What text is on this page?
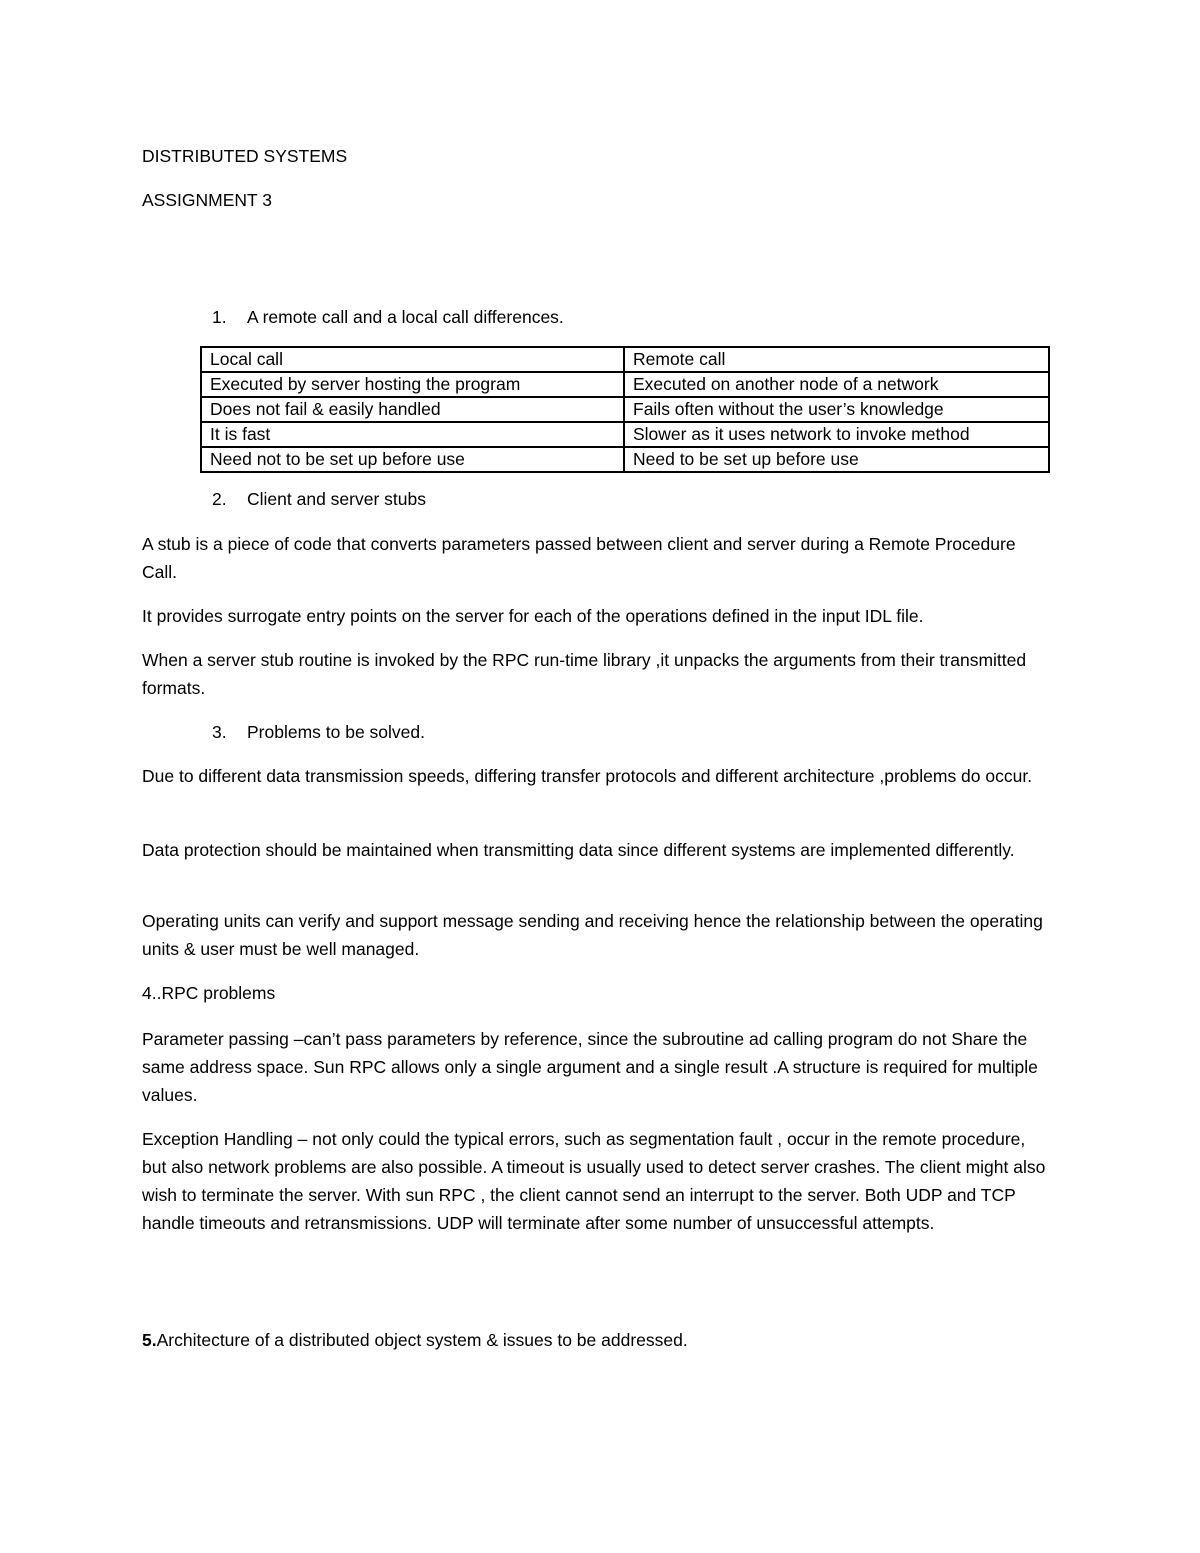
DISTRIBUTED SYSTEMS
ASSIGNMENT 3
1. A remote call and a local call differences.
Local call	Remote call
Executed by server hosting the program	Executed on another node of a network
Does not fail & easily handled	Fails often without the user’s knowledge
It is fast	Slower as it uses network to invoke method
Need not to be set up before use	Need to be set up before use
2. Client and server stubs
A stub is a piece of code that converts parameters passed between client and server during a Remote Procedure Call.
It provides surrogate entry points on the server for each of the operations defined in the input IDL file.
When a server stub routine is invoked by the RPC run-time library ,it unpacks the arguments from their transmitted formats.
3. Problems to be solved.
Due to different data transmission speeds, differing transfer protocols and different architecture ,problems do occur.
Data protection should be maintained when transmitting data since different systems are implemented differently.
Operating units can verify and support message sending and receiving hence the relationship between the operating units & user must be well managed.
4..RPC problems
Parameter passing –can’t pass parameters by reference, since the subroutine ad calling program do not Share the same address space. Sun RPC allows only a single argument and a single result .A structure is required for multiple values.
Exception Handling – not only could the typical errors, such as segmentation fault , occur in the remote procedure, but also network problems are also possible. A timeout is usually used to detect server crashes. The client might also wish to terminate the server. With sun RPC , the client cannot send an interrupt to the server. Both UDP and TCP handle timeouts and retransmissions. UDP will terminate after some number of unsuccessful attempts.
5.Architecture of a distributed object system & issues to be addressed.
